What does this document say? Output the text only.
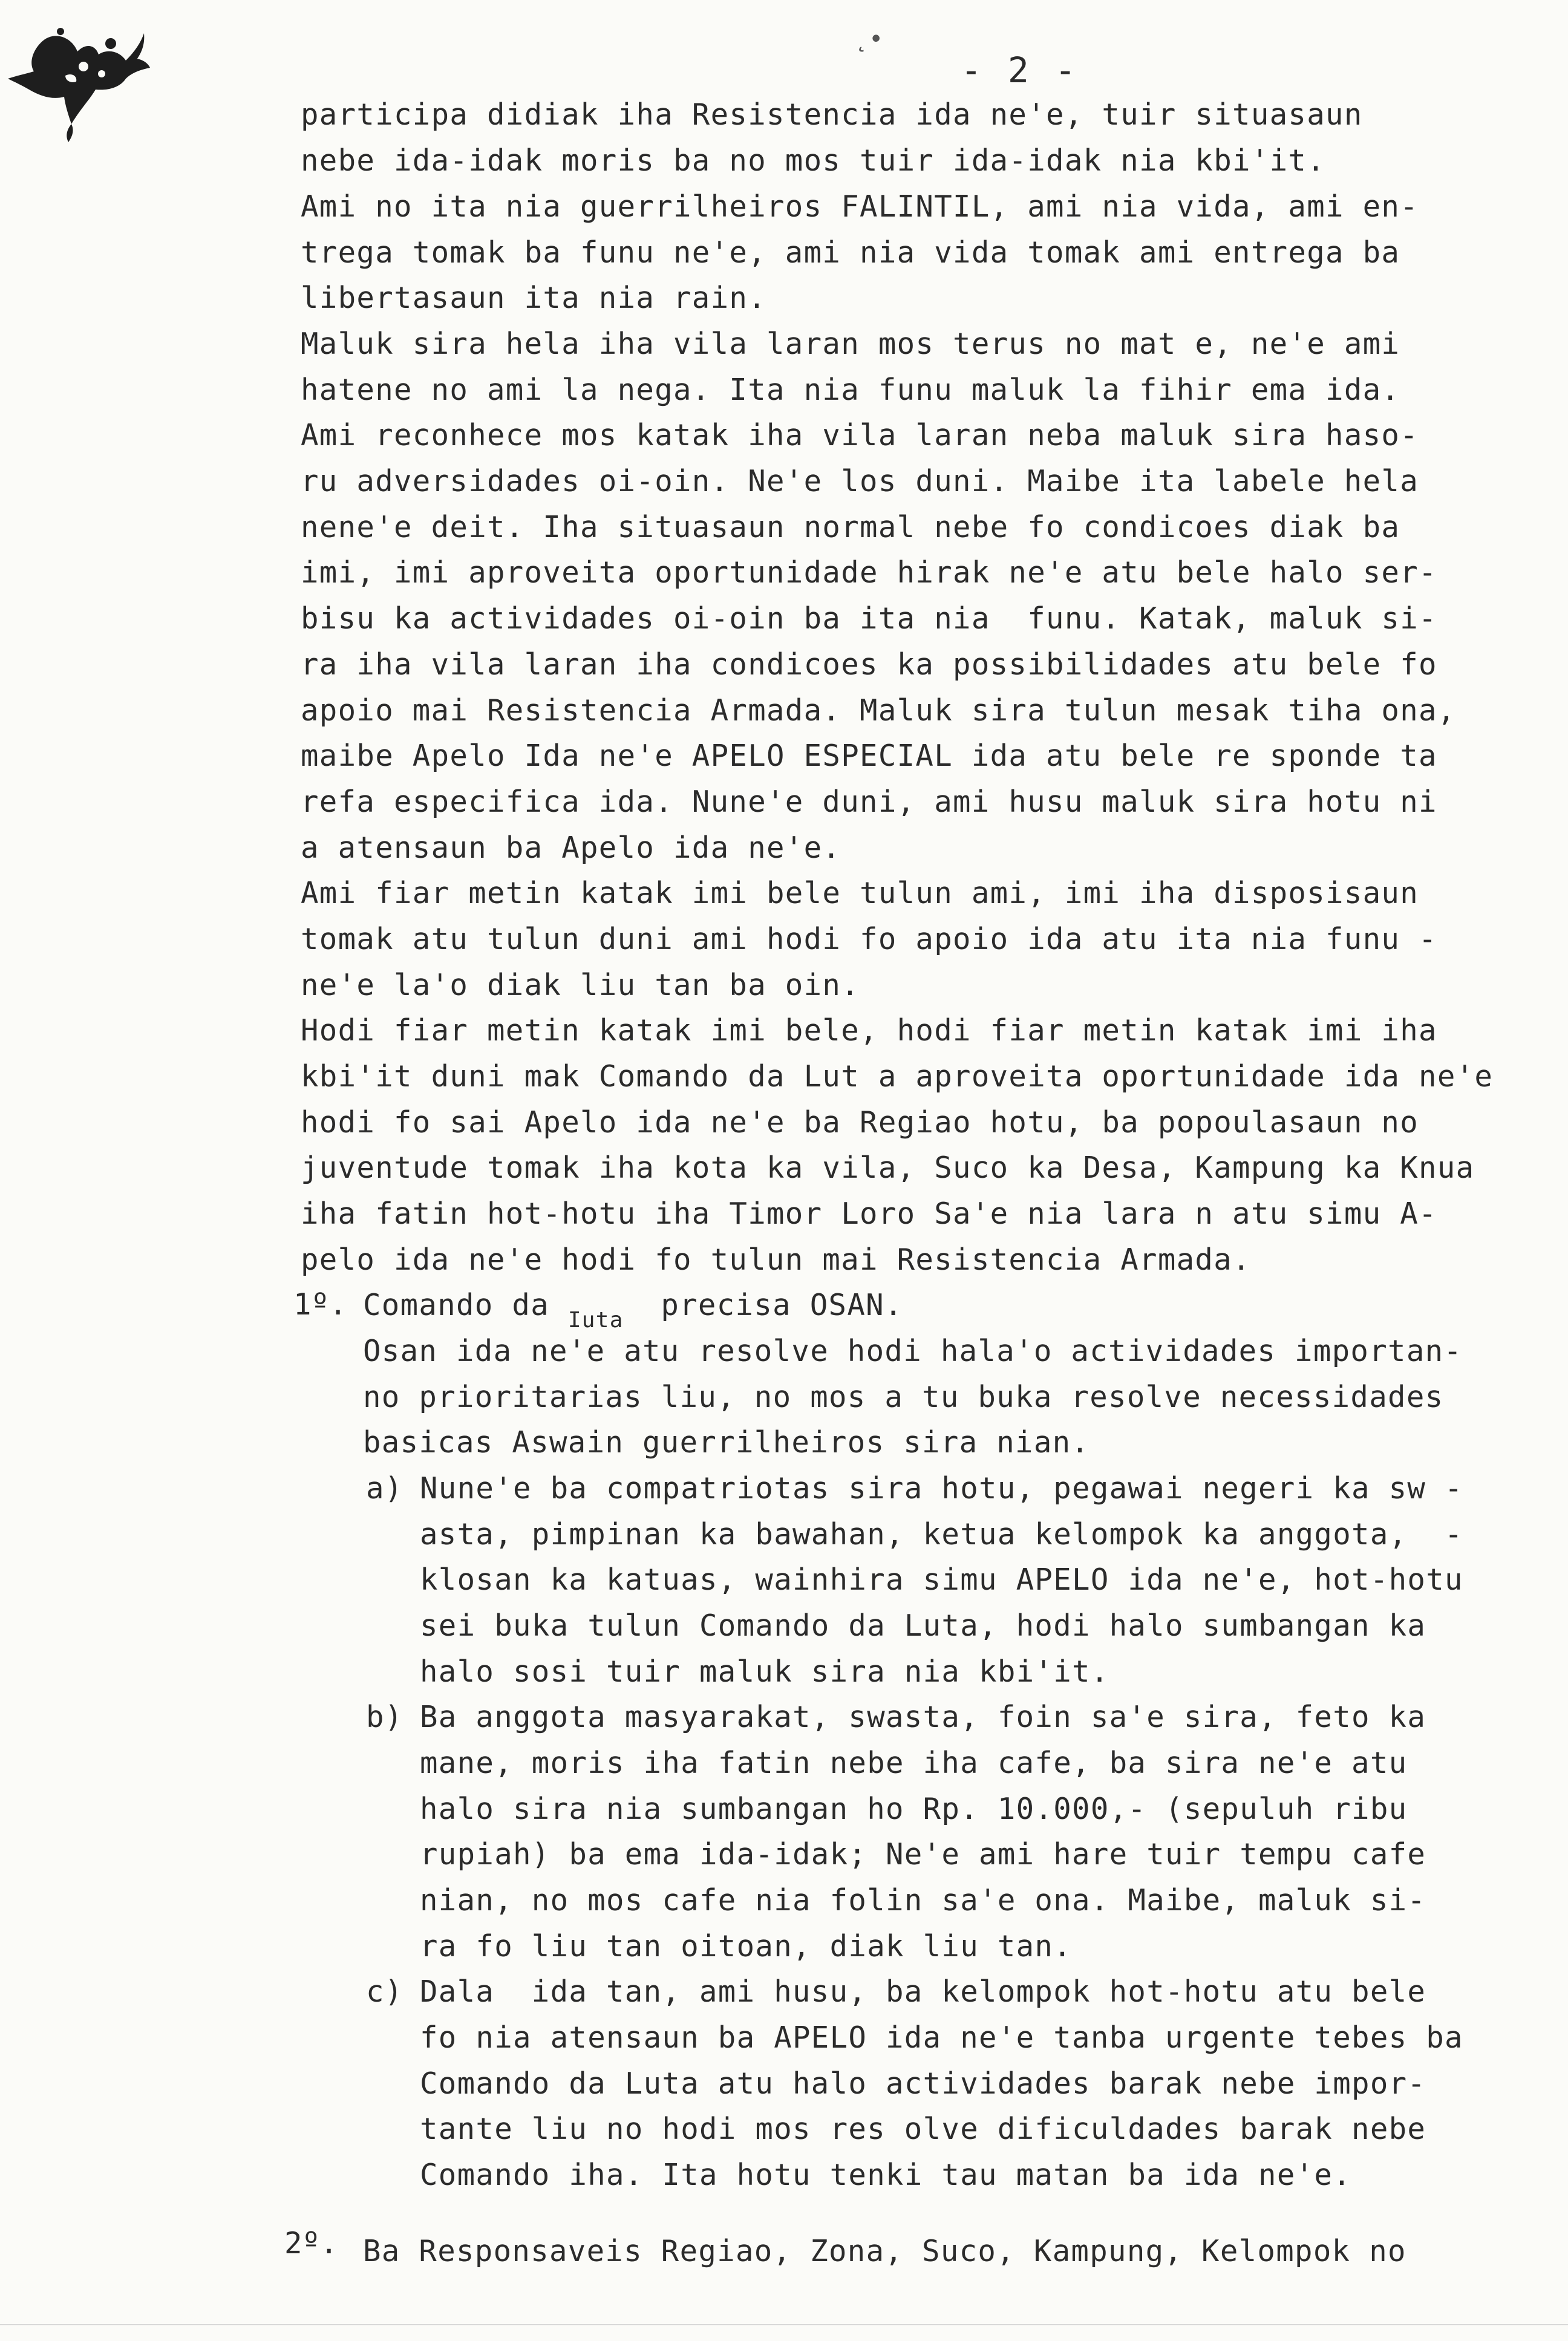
˛•
- 2 -
participa didiak iha Resistencia ida ne'e, tuir situasaun
nebe ida-idak moris ba no mos tuir ida-idak nia kbi'it.
Ami no ita nia guerrilheiros FALINTIL, ami nia vida, ami en-
trega tomak ba funu ne'e, ami nia vida tomak ami entrega ba
libertasaun ita nia rain.
Maluk sira hela iha vila laran mos terus no mat e, ne'e ami
hatene no ami la nega. Ita nia funu maluk la fihir ema ida.
Ami reconhece mos katak iha vila laran neba maluk sira haso-
ru adversidades oi-oin. Ne'e los duni. Maibe ita labele hela
nene'e deit. Iha situasaun normal nebe fo condicoes diak ba
imi, imi aproveita oportunidade hirak ne'e atu bele halo ser-
bisu ka actividades oi-oin ba ita nia  funu. Katak, maluk si-
ra iha vila laran iha condicoes ka possibilidades atu bele fo
apoio mai Resistencia Armada. Maluk sira tulun mesak tiha ona,
maibe Apelo Ida ne'e APELO ESPECIAL ida atu bele re sponde ta
refa especifica ida. Nune'e duni, ami husu maluk sira hotu ni
a atensaun ba Apelo ida ne'e.
Ami fiar metin katak imi bele tulun ami, imi iha disposisaun
tomak atu tulun duni ami hodi fo apoio ida atu ita nia funu -
ne'e la'o diak liu tan ba oin.
Hodi fiar metin katak imi bele, hodi fiar metin katak imi iha
kbi'it duni mak Comando da Lut a aproveita oportunidade ida ne'e
hodi fo sai Apelo ida ne'e ba Regiao hotu, ba popoulasaun no
juventude tomak iha kota ka vila, Suco ka Desa, Kampung ka Knua
iha fatin hot-hotu iha Timor Loro Sa'e nia lara n atu simu A-
pelo ida ne'e hodi fo tulun mai Resistencia Armada.
1º. Comando da $_{Iuta}$  precisa OSAN.
Osan ida ne'e atu resolve hodi hala'o actividades importan-
no prioritarias liu, no mos a tu buka resolve necessidades
basicas Aswain guerrilheiros sira nian.
a) Nune'e ba compatriotas sira hotu, pegawai negeri ka sw -
asta, pimpinan ka bawahan, ketua kelompok ka anggota,  -
klosan ka katuas, wainhira simu APELO ida ne'e, hot-hotu
sei buka tulun Comando da Luta, hodi halo sumbangan ka
halo sosi tuir maluk sira nia kbi'it.
b) Ba anggota masyarakat, swasta, foin sa'e sira, feto ka
mane, moris iha fatin nebe iha cafe, ba sira ne'e atu
halo sira nia sumbangan ho Rp. 10.000,- (sepuluh ribu
rupiah) ba ema ida-idak; Ne'e ami hare tuir tempu cafe
nian, no mos cafe nia folin sa'e ona. Maibe, maluk si-
ra fo liu tan oitoan, diak liu tan.
c) Dala  ida tan, ami husu, ba kelompok hot-hotu atu bele
fo nia atensaun ba APELO ida ne'e tanba urgente tebes ba
Comando da Luta atu halo actividades barak nebe impor-
tante liu no hodi mos res olve dificuldades barak nebe
Comando iha. Ita hotu tenki tau matan ba ida ne'e.
2º. Ba Responsaveis Regiao, Zona, Suco, Kampung, Kelompok no
